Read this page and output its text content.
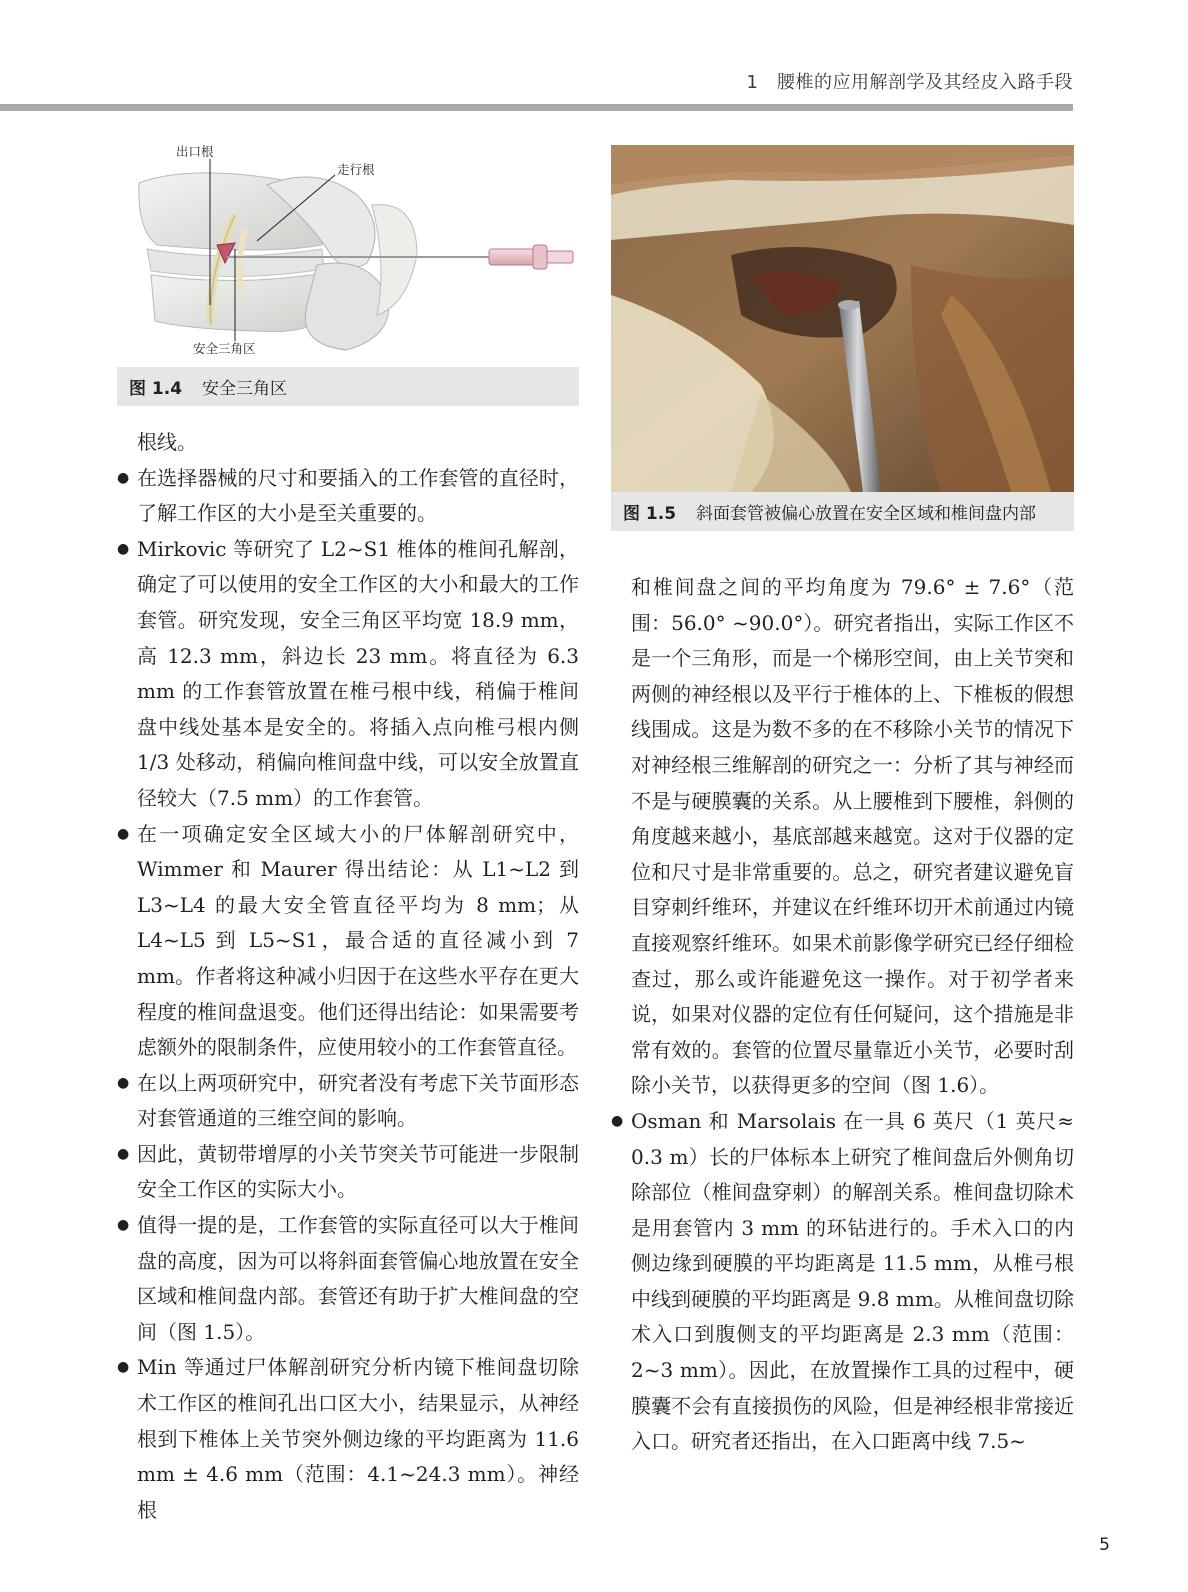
1　腰椎的应用解剖学及其经皮入路手段
出口根
走行根
安全三角区
图 1.4 安全三角区
图 1.5 斜面套管被偏心放置在安全区域和椎间盘内部

根线。

● 在选择器械的尺寸和要插入的工作套管的直径时，了解工作区的大小是至关重要的。

● Mirkovic 等研究了 L2~S1 椎体的椎间孔解剖，确定了可以使用的安全工作区的大小和最大的工作套管。研究发现，安全三角区平均宽 18.9 mm，高 12.3 mm，斜边长 23 mm。将直径为 6.3 mm 的工作套管放置在椎弓根中线，稍偏于椎间盘中线处基本是安全的。将插入点向椎弓根内侧 1/3 处移动，稍偏向椎间盘中线，可以安全放置直径较大（7.5 mm）的工作套管。

● 在一项确定安全区域大小的尸体解剖研究中，Wimmer 和 Maurer 得出结论：从 L1~L2 到 L3~L4 的最大安全管直径平均为 8 mm；从 L4~L5 到 L5~S1，最合适的直径减小到 7 mm。作者将这种减小归因于在这些水平存在更大程度的椎间盘退变。他们还得出结论：如果需要考虑额外的限制条件，应使用较小的工作套管直径。

● 在以上两项研究中，研究者没有考虑下关节面形态对套管通道的三维空间的影响。

● 因此，黄韧带增厚的小关节突关节可能进一步限制安全工作区的实际大小。

● 值得一提的是，工作套管的实际直径可以大于椎间盘的高度，因为可以将斜面套管偏心地放置在安全区域和椎间盘内部。套管还有助于扩大椎间盘的空间（图 1.5）。

● Min 等通过尸体解剖研究分析内镜下椎间盘切除术工作区的椎间孔出口区大小，结果显示，从神经根到下椎体上关节突外侧边缘的平均距离为 11.6 mm ± 4.6 mm（范围：4.1~24.3 mm）。神经根

和椎间盘之间的平均角度为 79.6° ± 7.6°（范围：56.0° ~90.0°）。研究者指出，实际工作区不是一个三角形，而是一个梯形空间，由上关节突和两侧的神经根以及平行于椎体的上、下椎板的假想线围成。这是为数不多的在不移除小关节的情况下对神经根三维解剖的研究之一：分析了其与神经而不是与硬膜囊的关系。从上腰椎到下腰椎，斜侧的角度越来越小，基底部越来越宽。这对于仪器的定位和尺寸是非常重要的。总之，研究者建议避免盲目穿刺纤维环，并建议在纤维环切开术前通过内镜直接观察纤维环。如果术前影像学研究已经仔细检查过，那么或许能避免这一操作。对于初学者来说，如果对仪器的定位有任何疑问，这个措施是非常有效的。套管的位置尽量靠近小关节，必要时刮除小关节，以获得更多的空间（图 1.6）。

● Osman 和 Marsolais 在一具 6 英尺（1 英尺≈ 0.3 m）长的尸体标本上研究了椎间盘后外侧角切除部位（椎间盘穿刺）的解剖关系。椎间盘切除术是用套管内 3 mm 的环钻进行的。手术入口的内侧边缘到硬膜的平均距离是 11.5 mm，从椎弓根中线到硬膜的平均距离是 9.8 mm。从椎间盘切除术入口到腹侧支的平均距离是 2.3 mm（范围：2~3 mm）。因此，在放置操作工具的过程中，硬膜囊不会有直接损伤的风险，但是神经根非常接近入口。研究者还指出，在入口距离中线 7.5~

5
